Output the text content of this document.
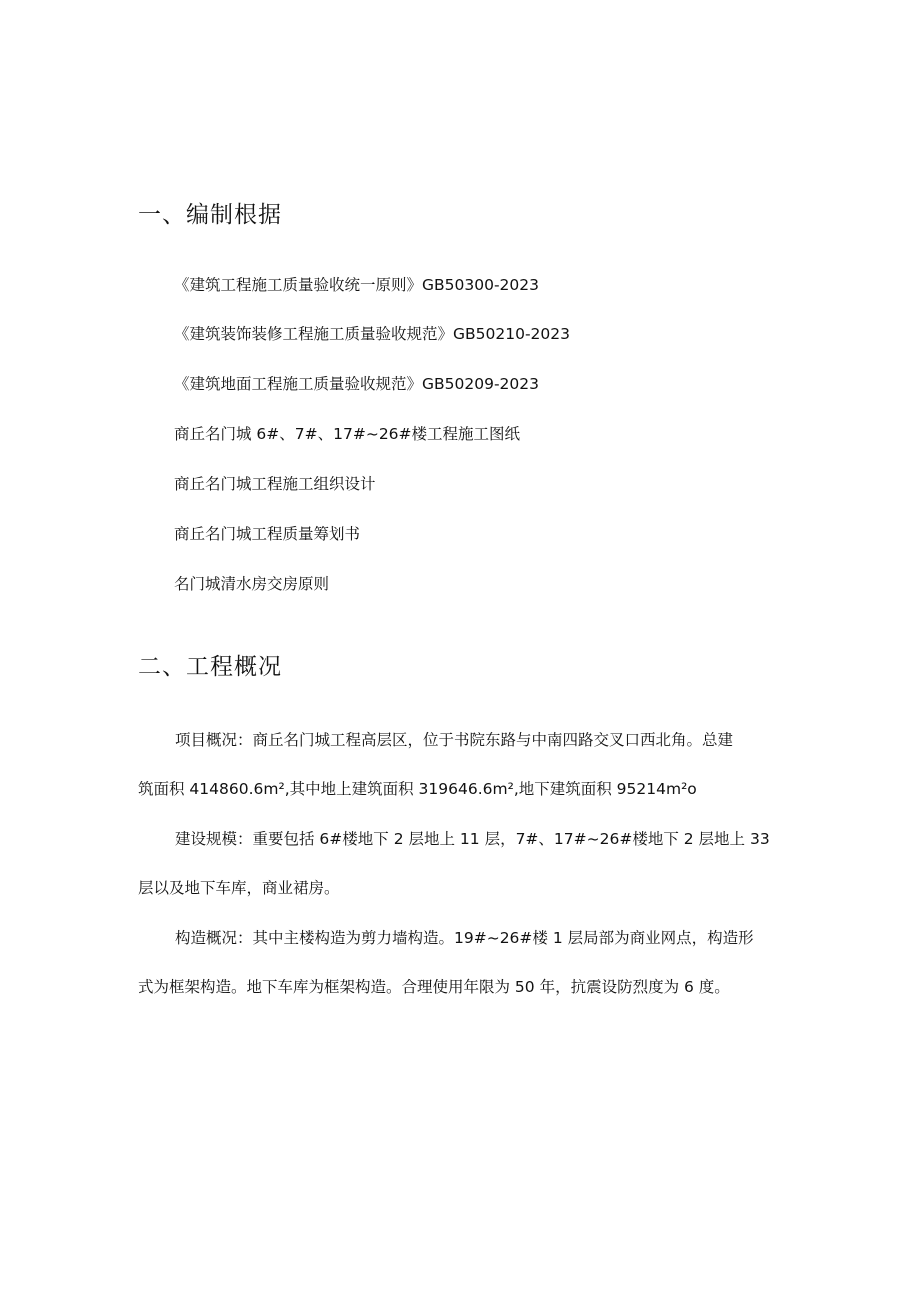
一、编制根据
《建筑工程施工质量验收统一原则》GB50300-2023
《建筑装饰装修工程施工质量验收规范》GB50210-2023
《建筑地面工程施工质量验收规范》GB50209-2023
商丘名门城 6#、7#、17#~26#楼工程施工图纸
商丘名门城工程施工组织设计
商丘名门城工程质量筹划书
名门城清水房交房原则
二、工程概况
项目概况：商丘名门城工程高层区，位于书院东路与中南四路交叉口西北角。总建
筑面积 414860.6m²,其中地上建筑面积 319646.6m²,地下建筑面积 95214m²o
建设规模：重要包括 6#楼地下 2 层地上 11 层，7#、17#~26#楼地下 2 层地上 33
层以及地下车库，商业裙房。
构造概况：其中主楼构造为剪力墙构造。19#~26#楼 1 层局部为商业网点，构造形
式为框架构造。地下车库为框架构造。合理使用年限为 50 年，抗震设防烈度为 6 度。
